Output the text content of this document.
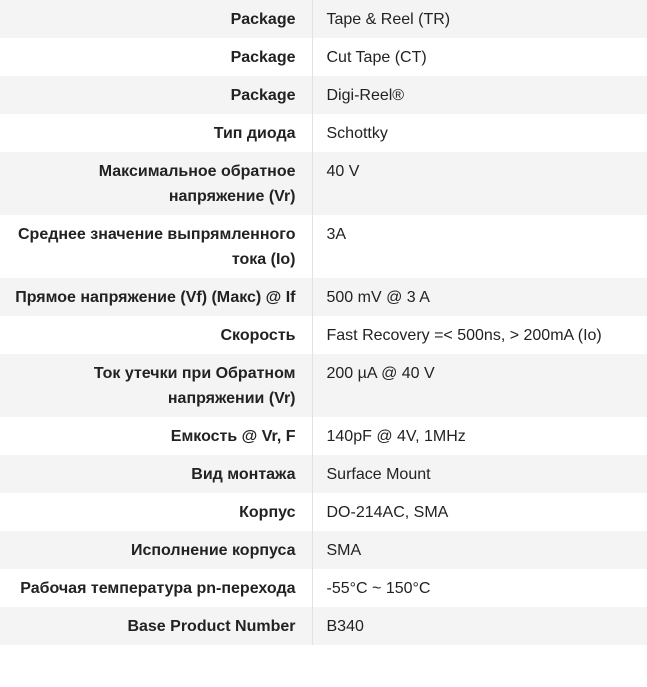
Package	Tape & Reel (TR)
Package	Cut Tape (CT)
Package	Digi-Reel®
Тип диода	Schottky
Максимальное обратное напряжение (Vr)	40 V
Среднее значение выпрямленного тока (Io)	3A
Прямое напряжение (Vf) (Макс) @ If	500 mV @ 3 A
Скорость	Fast Recovery =< 500ns, > 200mA (Io)
Ток утечки при Обратном напряжении (Vr)	200 µA @ 40 V
Емкость @ Vr, F	140pF @ 4V, 1MHz
Вид монтажа	Surface Mount
Корпус	DO-214AC, SMA
Исполнение корпуса	SMA
Рабочая температура pn-перехода	-55°C ~ 150°C
Base Product Number	B340
